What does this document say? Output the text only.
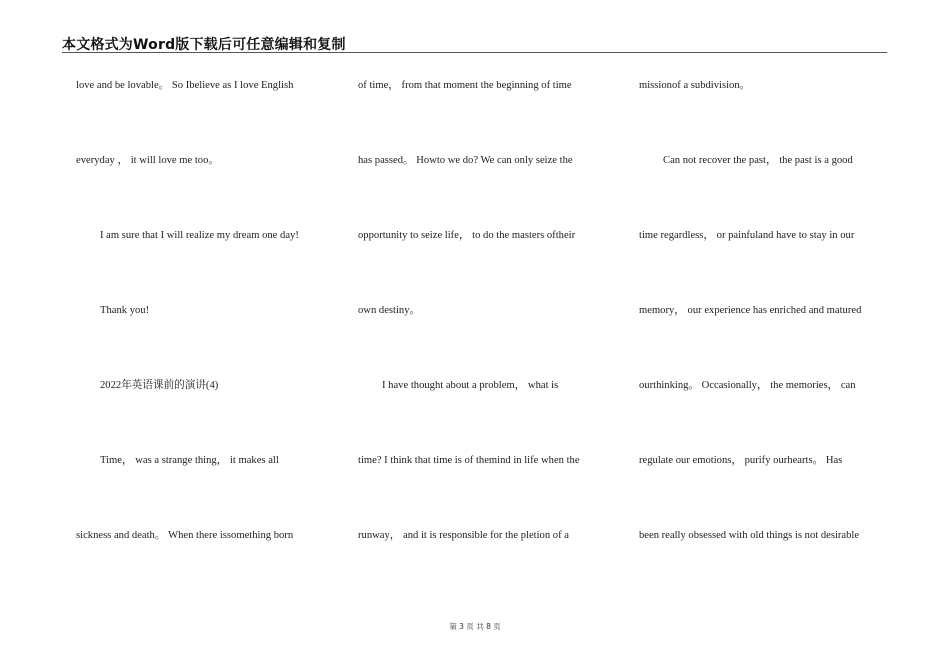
本文格式为Word版下载后可任意编辑和复制
love and be lovable。 So Ibelieve as I love English
everyday ， it will love me too。
I am sure that I will realize my dream one day!
Thank you!
2022年英语课前的演讲(4)
Time， was a strange thing， it makes all
sickness and death。 When there issomething born
of time， from that moment the beginning of time
has passed。 Howto we do? We can only seize the
opportunity to seize life， to do the masters oftheir
own destiny。
I have thought about a problem， what is
time? I think that time is of themind in life when the
runway， and it is responsible for the pletion of a
missionof a subdivision。
Can not recover the past， the past is a good
time regardless， or painfuland have to stay in our
memory， our experience has enriched and matured
ourthinking。 Occasionally， the memories， can
regulate our emotions， purify ourhearts。 Has
been really obsessed with old things is not desirable
第 3 页 共 8 页
